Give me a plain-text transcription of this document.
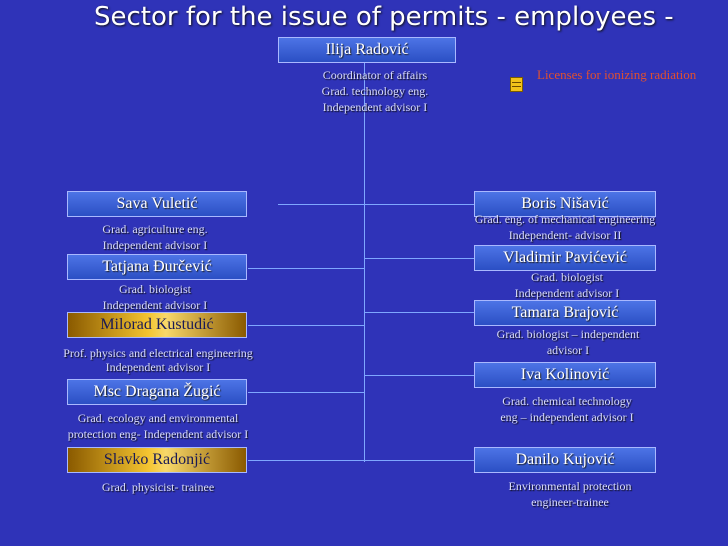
Sector for the issue of permits - employees -
Ilija Radović
Coordinator of affairs
Grad. technology eng.
Independent advisor I
Licenses for ionizing radiation
Sava Vuletić
Grad. agriculture eng.
Independent advisor I
Tatjana Đurčević
Grad. biologist
Independent advisor I
Milorad Kustudić
Prof. physics and electrical engineering
Independent advisor I
Msc Dragana Žugić
Grad. ecology and environmental
protection eng- Independent advisor I
Slavko Radonjić
Grad. physicist- trainee
Boris Nišavić
Grad. eng. of mechanical engineering
Independent- advisor II
Vladimir Pavićević
Grad. biologist
Independent advisor I
Tamara Brajović
Grad. biologist – independent
advisor I
Iva Kolinović
Grad. chemical technology
eng – independent advisor I
Danilo Kujović
Environmental protection
engineer-trainee
